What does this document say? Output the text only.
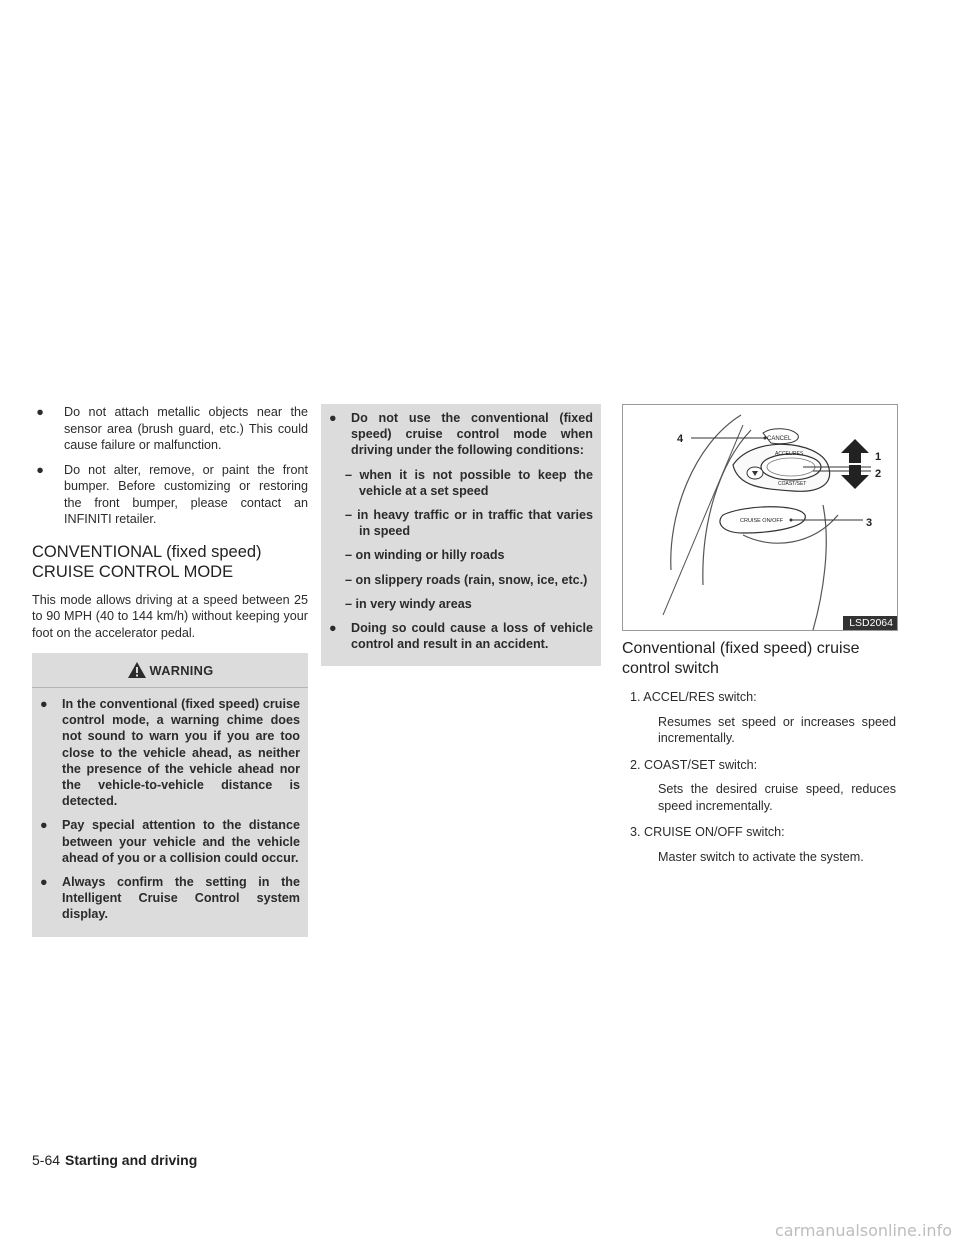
●	Do not attach metallic objects near the sensor area (brush guard, etc.) This could cause failure or malfunction.
●	Do not alter, remove, or paint the front bumper. Before customizing or restoring the front bumper, please contact an INFINITI retailer.
CONVENTIONAL (fixed speed)
CRUISE CONTROL MODE

This mode allows driving at a speed between 25 to 90 MPH (40 to 144 km/h) without keeping your foot on the accelerator pedal.

WARNING
● In the conventional (fixed speed) cruise control mode, a warning chime does not sound to warn you if you are too close to the vehicle ahead, as neither the presence of the vehicle ahead nor the vehicle-to-vehicle distance is detected.
● Pay special attention to the distance between your vehicle and the vehicle ahead of you or a collision could occur.
● Always confirm the setting in the Intelligent Cruise Control system display.
● Do not use the conventional (fixed speed) cruise control mode when driving under the following conditions:
– when it is not possible to keep the vehicle at a set speed
– in heavy traffic or in traffic that varies in speed
– on winding or hilly roads
– on slippery roads (rain, snow, ice, etc.)
– in very windy areas
● Doing so could cause a loss of vehicle control and result in an accident.
CANCEL
ACCEL/RES
COAST/SET
CRUISE ON/OFF
1
2
3
4
LSD2064
Conventional (fixed speed) cruise
control switch
1. ACCEL/RES switch:
Resumes set speed or increases speed incrementally.
2. COAST/SET switch:
Sets the desired cruise speed, reduces speed incrementally.
3. CRUISE ON/OFF switch:
Master switch to activate the system.
5-64 Starting and driving
carmanualsonline.info
